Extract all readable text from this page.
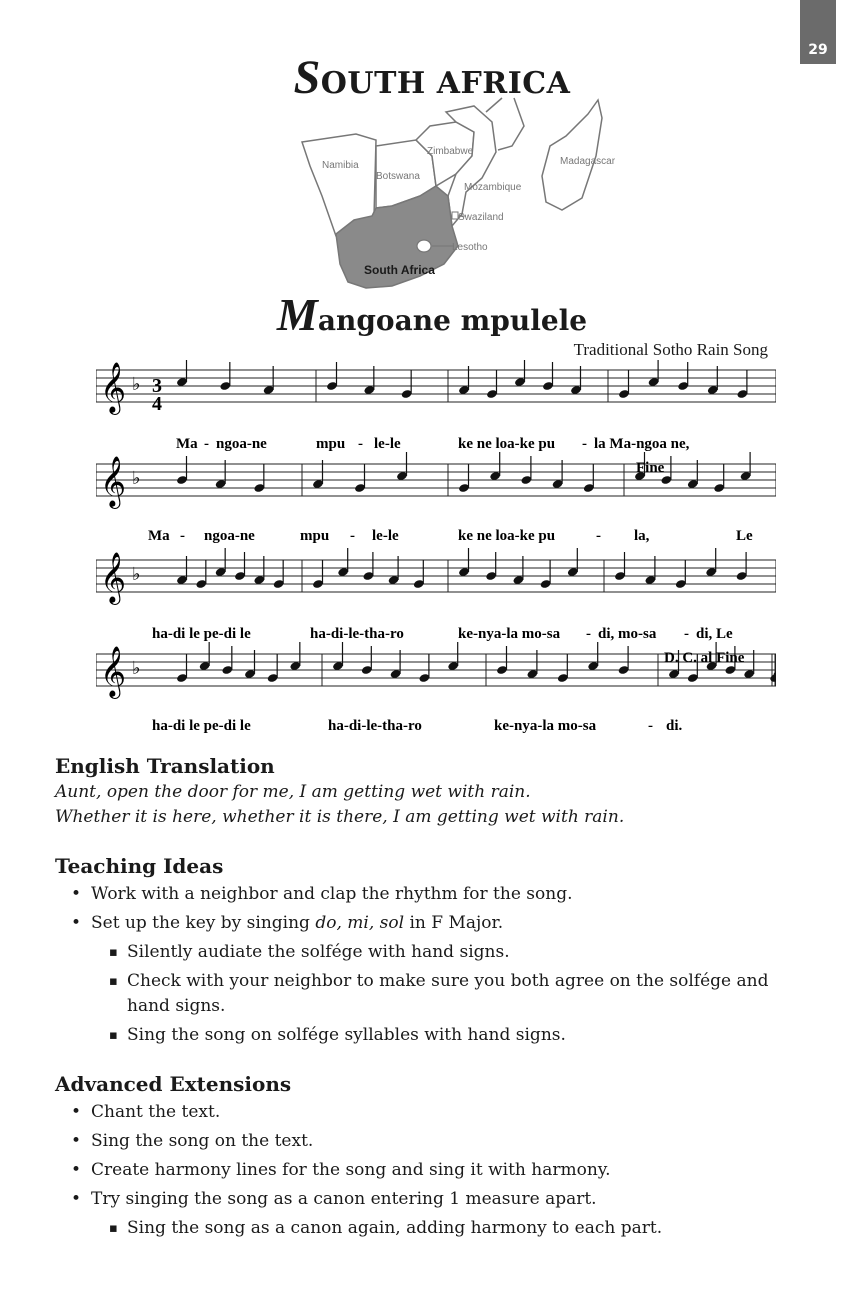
29
SOUTH AFRICA
Namibia
Botswana
Zimbabwe
Mozambique
Madagascar
Swaziland
Lesotho
South Africa
Mangoane mpulele
Traditional Sotho Rain Song
𝄞 ♭
𝄞 ♭
𝄞 ♭
𝄞 ♭
3
4
Fine
D. C. al Fine
Ma - ngoa-ne	mpu - le-le	ke ne loa-ke pu - la Ma-ngoa ne,
Ma - ngoa-ne	mpu - le-le	ke ne loa-ke pu	- la,	Le
ha-di le pe-di le	ha-di-le-tha-ro	ke-nya-la mo-sa - di, mo-sa - di, Le
ha-di le pe-di le	ha-di-le-tha-ro	ke-nya-la mo-sa	- di.
English Translation
Aunt, open the door for me, I am getting wet with rain.
Whether it is here, whether it is there, I am getting wet with rain.
Teaching Ideas
• Work with a neighbor and clap the rhythm for the song.
• Set up the key by singing do, mi, sol in F Major.
▪ Silently audiate the solfége with hand signs.
▪ Check with your neighbor to make sure you both agree on the solfége and hand signs.
▪ Sing the song on solfége syllables with hand signs.
Advanced Extensions
• Chant the text.
• Sing the song on the text.
• Create harmony lines for the song and sing it with harmony.
• Try singing the song as a canon entering 1 measure apart.
▪ Sing the song as a canon again, adding harmony to each part.
